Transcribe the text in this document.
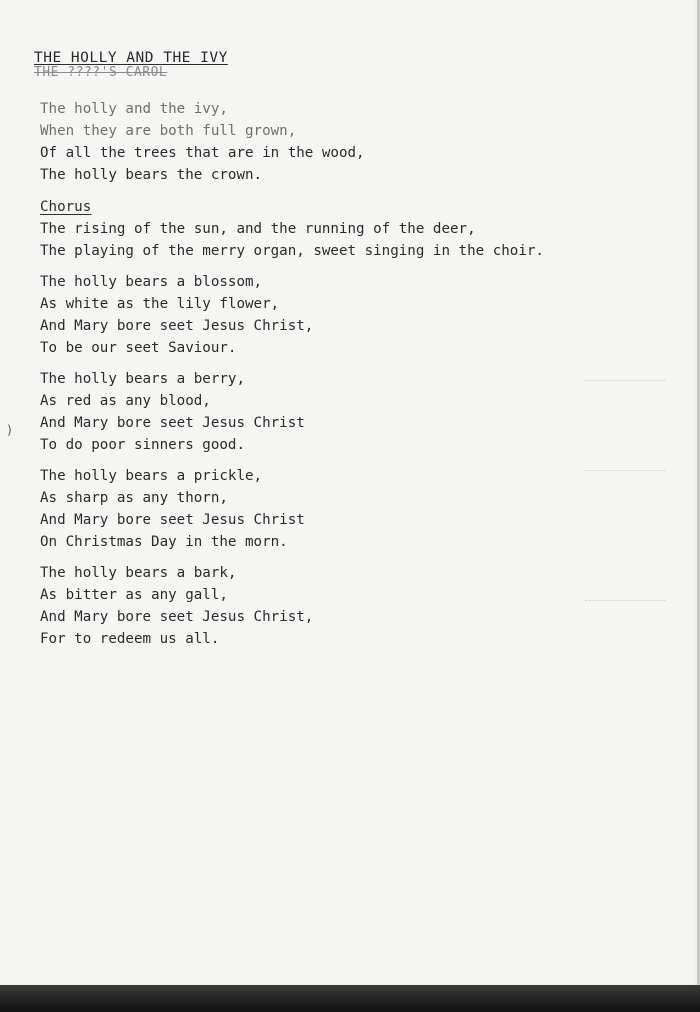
THE HOLLY AND THE IVY
THE ????'S CAROL
)
The holly and the ivy,
When they are both full grown,
Of all the trees that are in the wood,
The holly bears the crown.
Chorus
The rising of the sun, and the running of the deer,
The playing of the merry organ, sweet singing in the choir.
The holly bears a blossom,
As white as the lily flower,
And Mary bore seet Jesus Christ,
To be our seet Saviour.
The holly bears a berry,
As red as any blood,
And Mary bore seet Jesus Christ
To do poor sinners good.
The holly bears a prickle,
As sharp as any thorn,
And Mary bore seet Jesus Christ
On Christmas Day in the morn.
The holly bears a bark,
As bitter as any gall,
And Mary bore seet Jesus Christ,
For to redeem us all.
